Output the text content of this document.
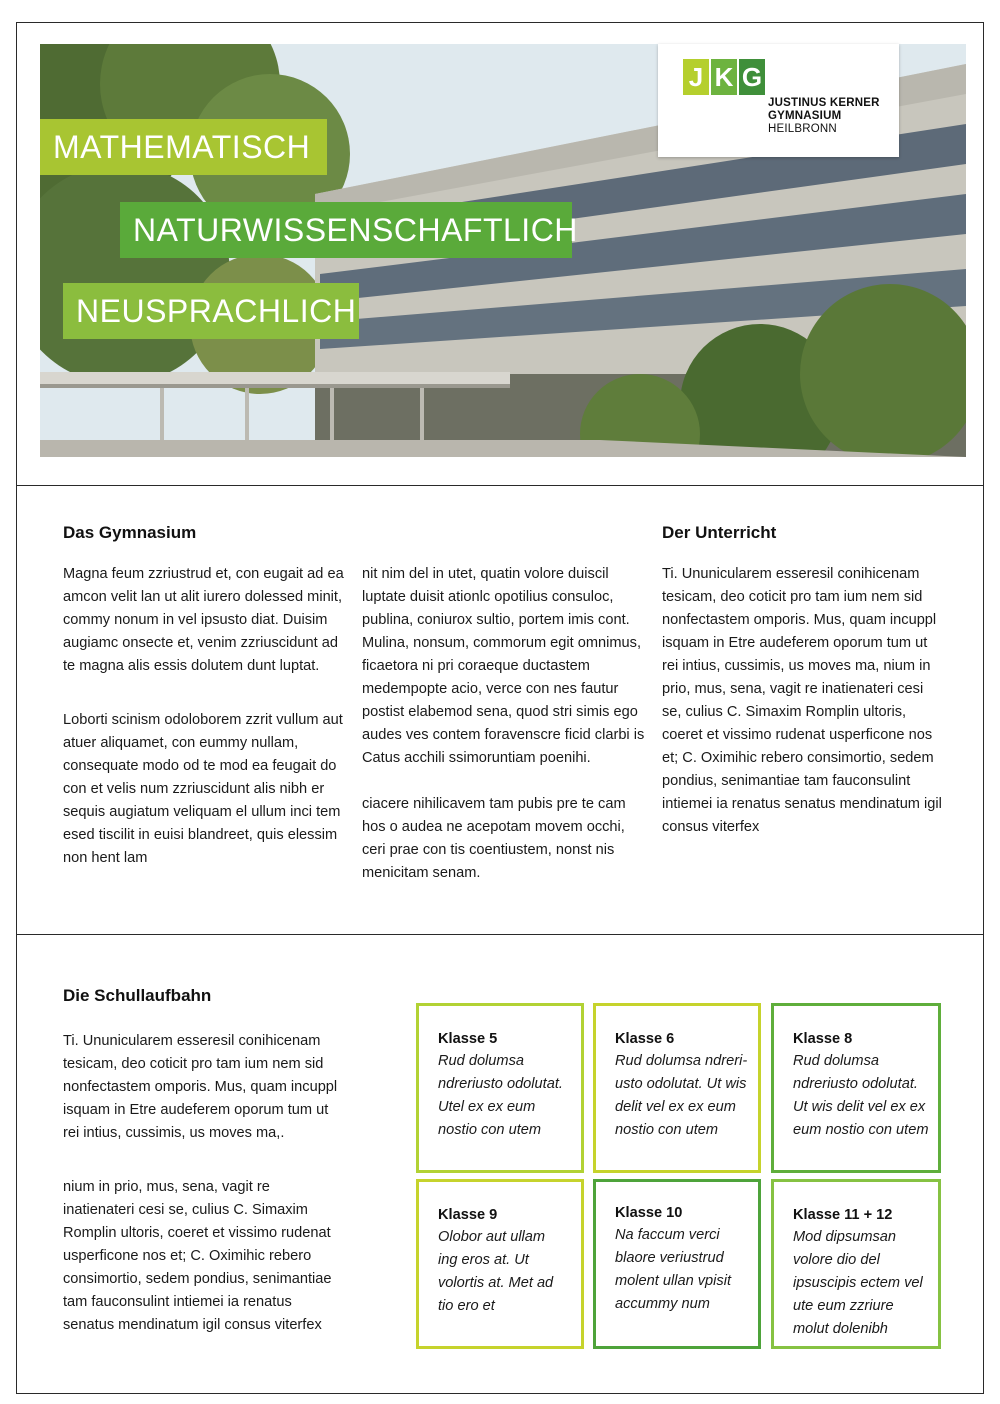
MATHEMATISCH
NATURWISSENSCHAFTLICH
NEUSPRACHLICH
J K G
JUSTINUS KERNER
GYMNASIUM
HEILBRONN
Das Gymnasium	Der Unterricht

Magna feum zzriustrud et, con eugait ad ea amcon velit lan ut alit iurero dolessed minit, commy nonum in vel ipsusto diat. Duisim augiamc onsecte et, venim zzriuscidunt ad te magna alis essis dolutem dunt luptat.

Loborti scinism odoloborem zzrit vullum aut atuer aliquamet, con eummy nullam, consequate modo od te mod ea feugait do con et velis num zzriuscidunt alis nibh er sequis augiatum veliquam el ullum inci tem esed tiscilit in euisi blandreet, quis elessim non hent lam

nit nim del in utet, quatin volore duiscil luptate duisit ationlc opotilius consuloc, publina, coniurox sultio, portem imis cont. Mulina, nonsum, commorum egit omnimus, ficaetora ni pri coraeque ductastem medempopte acio, verce con nes fautur postist elabemod sena, quod stri simis ego audes ves contem foravenscre ficid clarbi is Catus acchili ssimoruntiam poenihi.

ciacere nihilicavem tam pubis pre te cam hos o audea ne acepotam movem occhi, ceri prae con tis coentiustem, nonst nis menicitam senam.

Ti. Ununicularem esseresil conihicenam tesicam, deo coticit pro tam ium nem sid nonfectastem omporis. Mus, quam incuppl isquam in Etre audeferem oporum tum ut rei intius, cussimis, us moves ma, nium in prio, mus, sena, vagit re inatienateri cesi se, culius C. Simaxim Romplin ultoris, coeret et vissimo rudenat usperficone nos et; C. Oximihic rebero consimortio, sedem pondius, senimantiae tam fauconsulint intiemei ia renatus senatus mendinatum igil consus viterfex

Die Schullaufbahn

Ti. Ununicularem esseresil conihicenam tesicam, deo coticit pro tam ium nem sid nonfectastem omporis. Mus, quam incuppl isquam in Etre audeferem oporum tum ut rei intius, cussimis, us moves ma,.

nium in prio, mus, sena, vagit re inatienateri cesi se, culius C. Simaxim Romplin ultoris, coeret et vissimo rudenat usperficone nos et; C. Oximihic rebero consimortio, sedem pondius, senimantiae tam fauconsulint intiemei ia renatus senatus mendinatum igil consus viterfex

Klasse 5
Rud dolumsa ndreriusto odolutat. Utel ex ex eum nostio con utem
Klasse 6
Rud dolumsa ndreri-usto odolutat. Ut wis delit vel ex ex eum nostio con utem
Klasse 8
Rud dolumsa ndreriusto odolutat. Ut wis delit vel ex ex eum nostio con utem
Klasse 9
Olobor aut ullam ing eros at. Ut volortis at. Met ad tio ero et
Klasse 10
Na faccum verci blaore veriustrud molent ullan vpisit accummy num
Klasse 11 + 12
Mod dipsumsan volore dio del ipsuscipis ectem vel ute eum zzriure molut dolenibh
